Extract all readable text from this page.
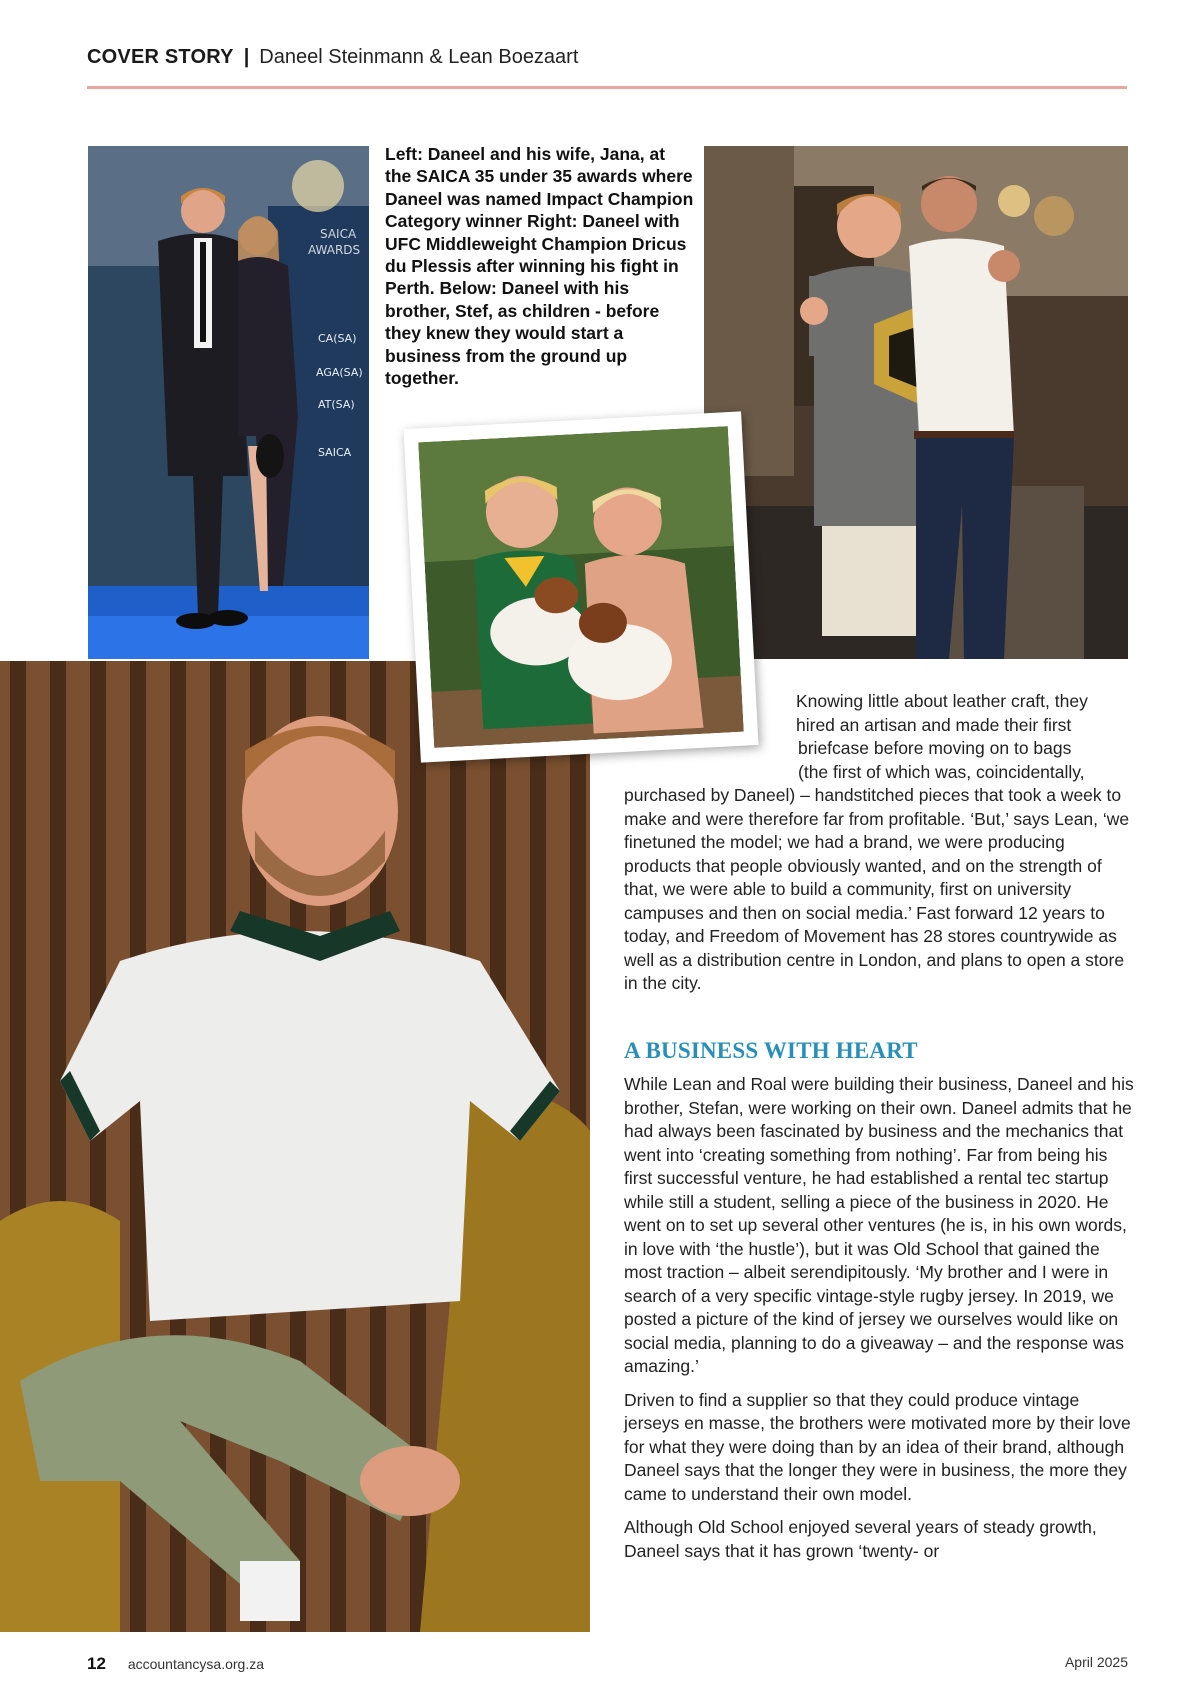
COVER STORY | Daneel Steinmann & Lean Boezaart
SAICA
AWARDS
CA(SA)
AGA(SA)
AT(SA)
SAICA
Left: Daneel and his wife, Jana, at the SAICA 35 under 35 awards where Daneel was named Impact Champion Category winner Right: Daneel with UFC Middleweight Champion Dricus du Plessis after winning his fight in Perth. Below: Daneel with his brother, Stef, as children - before they knew they would start a business from the ground up together.
Knowing little about leather craft, they
hired an artisan and made their first
briefcase before moving on to bags
(the first of which was, coincidentally,
purchased by Daneel) – handstitched pieces that took a week to make and were therefore far from profitable. ‘But,’ says Lean, ‘we finetuned the model; we had a brand, we were producing products that people obviously wanted, and on the strength of that, we were able to build a community, first on university campuses and then on social media.’ Fast forward 12 years to today, and Freedom of Movement has 28 stores countrywide as well as a distribution centre in London, and plans to open a store in the city.
A BUSINESS WITH HEART

While Lean and Roal were building their business, Daneel and his brother, Stefan, were working on their own. Daneel admits that he had always been fascinated by business and the mechanics that went into ‘creating something from nothing’. Far from being his first successful venture, he had established a rental tec startup while still a student, selling a piece of the business in 2020. He went on to set up several other ventures (he is, in his own words, in love with ‘the hustle’), but it was Old School that gained the most traction – albeit serendipitously. ‘My brother and I were in search of a very specific vintage-style rugby jersey. In 2019, we posted a picture of the kind of jersey we ourselves would like on social media, planning to do a giveaway – and the response was amazing.’

Driven to find a supplier so that they could produce vintage jerseys en masse, the brothers were motivated more by their love for what they were doing than by an idea of their brand, although Daneel says that the longer they were in business, the more they came to understand their own model.

Although Old School enjoyed several years of steady growth, Daneel says that it has grown ‘twenty- or

12 accountancysa.org.za	April 2025
